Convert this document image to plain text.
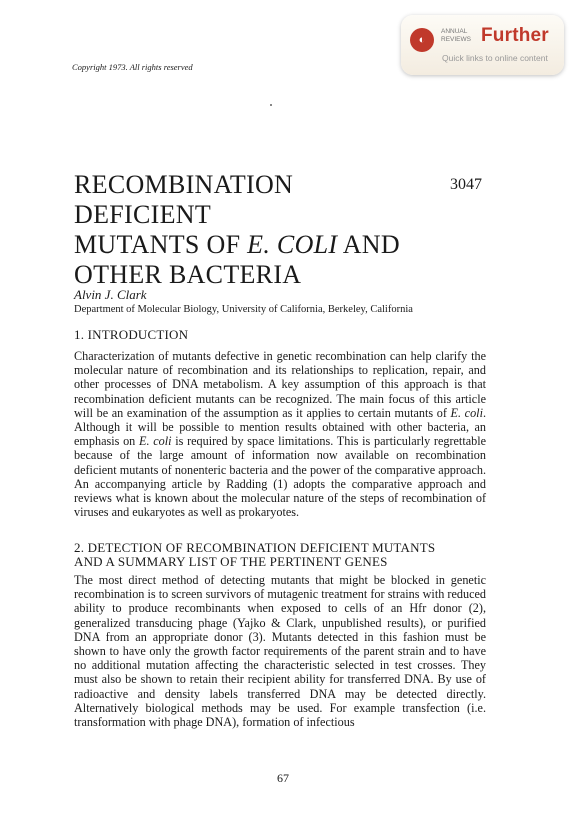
Copyright 1973. All rights reserved
◐
ANNUAL
REVIEWS Further
Quick links to online content
RECOMBINATION DEFICIENT
MUTANTS OF E. COLI AND
OTHER BACTERIA
3047
Alvin J. Clark
Department of Molecular Biology, University of California, Berkeley, California
1. INTRODUCTION
Characterization of mutants defective in genetic recombination can help clarify the molecular nature of recombination and its relationships to replication, repair, and other processes of DNA metabolism. A key assumption of this approach is that recombination deficient mutants can be recognized. The main focus of this article will be an examination of the assumption as it applies to certain mutants of E. coli. Although it will be possible to mention results obtained with other bacteria, an emphasis on E. coli is required by space limitations. This is particularly regrettable because of the large amount of information now available on recombination deficient mutants of nonenteric bacteria and the power of the comparative approach. An accompanying article by Radding (1) adopts the comparative approach and reviews what is known about the molecular nature of the steps of recombination of viruses and eukaryotes as well as prokaryotes.
2. DETECTION OF RECOMBINATION DEFICIENT MUTANTS
AND A SUMMARY LIST OF THE PERTINENT GENES
The most direct method of detecting mutants that might be blocked in genetic recombination is to screen survivors of mutagenic treatment for strains with reduced ability to produce recombinants when exposed to cells of an Hfr donor (2), generalized transducing phage (Yajko & Clark, unpublished results), or purified DNA from an appropriate donor (3). Mutants detected in this fashion must be shown to have only the growth factor requirements of the parent strain and to have no additional mutation affecting the characteristic selected in test crosses. They must also be shown to retain their recipient ability for transferred DNA. By use of radioactive and density labels transferred DNA may be detected directly. Alternatively biological methods may be used. For example transfection (i.e. transformation with phage DNA), formation of infectious
67
